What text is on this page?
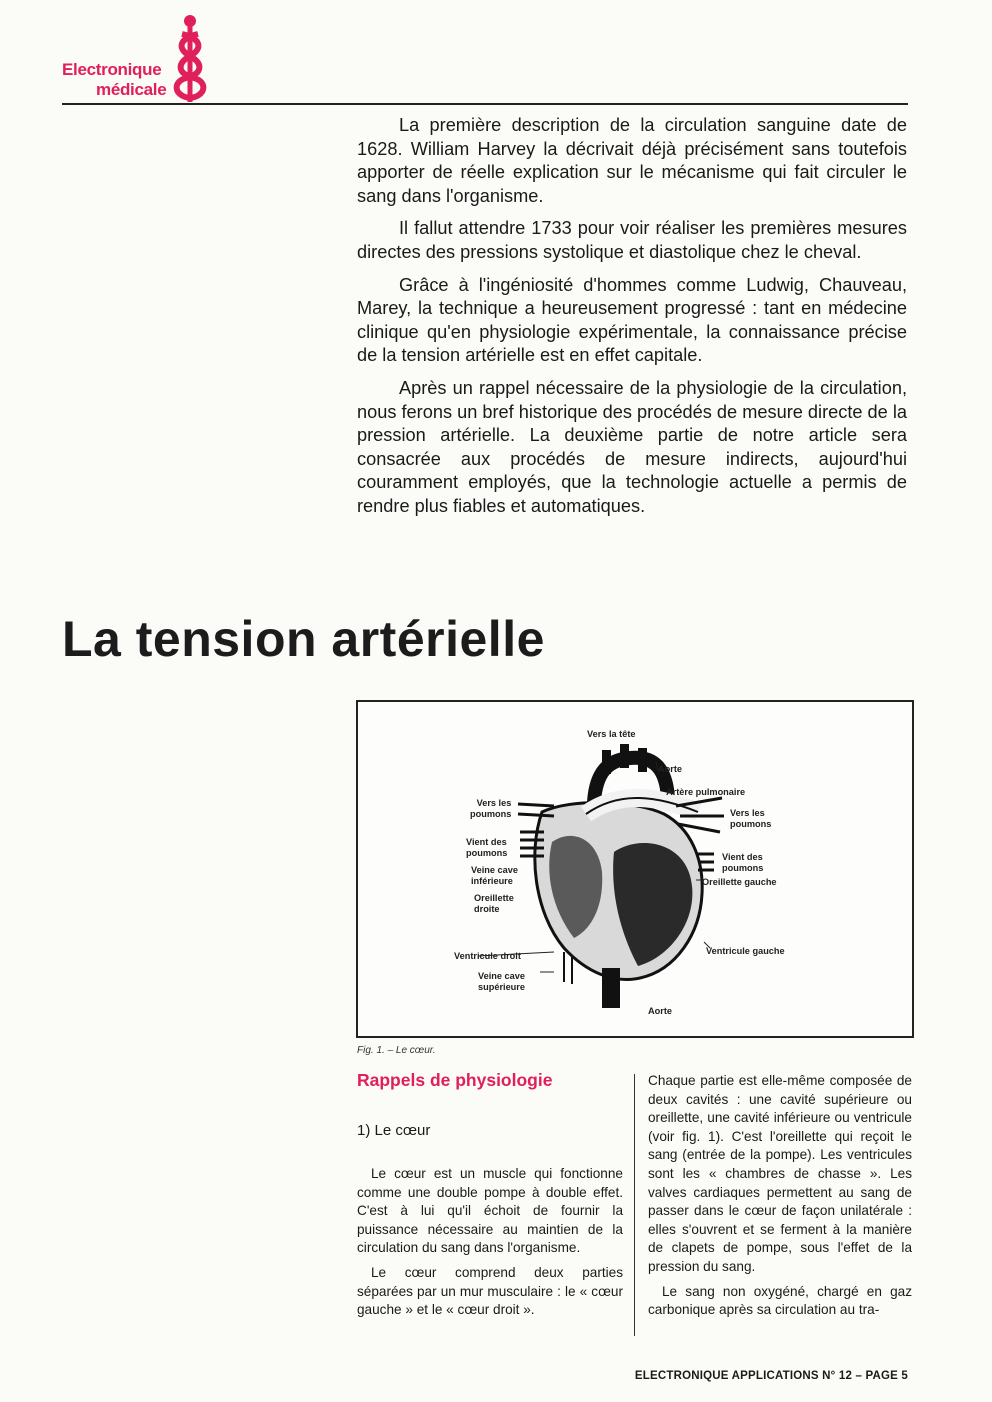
Electronique
médicale

La première description de la circulation sanguine date de 1628. William Harvey la décrivait déjà précisément sans toutefois apporter de réelle explication sur le mécanisme qui fait circuler le sang dans l'organisme.

Il fallut attendre 1733 pour voir réaliser les premières mesures directes des pressions systolique et diastolique chez le cheval.

Grâce à l'ingéniosité d'hommes comme Ludwig, Chauveau, Marey, la technique a heureusement progressé : tant en médecine clinique qu'en physiologie expérimentale, la connaissance précise de la tension artérielle est en effet capitale.

Après un rappel nécessaire de la physiologie de la circulation, nous ferons un bref historique des procédés de mesure directe de la pression artérielle. La deuxième partie de notre article sera consacrée aux procédés de mesure indirects, aujourd'hui couramment employés, que la technologie actuelle a permis de rendre plus fiables et automatiques.

La tension artérielle
Vers la tête
Aorte
Artère pulmonaire
Vers les
poumons
Vient des
poumons
Oreillette gauche
Ventricule gauche
Aorte
Vers les
poumons
Vient des
poumons
Veine cave
inférieure
Oreillette
droite
Ventricule droit
Veine cave
supérieure
Fig. 1. – Le cœur.
Rappels de physiologie
1) Le cœur

Le cœur est un muscle qui fonctionne comme une double pompe à double effet. C'est à lui qu'il échoit de fournir la puissance nécessaire au maintien de la circulation du sang dans l'organisme.

Le cœur comprend deux parties séparées par un mur musculaire : le « cœur gauche » et le « cœur droit ».

Chaque partie est elle-même composée de deux cavités : une cavité supérieure ou oreillette, une cavité inférieure ou ventricule (voir fig. 1). C'est l'oreillette qui reçoit le sang (entrée de la pompe). Les ventricules sont les « chambres de chasse ». Les valves cardiaques permettent au sang de passer dans le cœur de façon unilatérale : elles s'ouvrent et se ferment à la manière de clapets de pompe, sous l'effet de la pression du sang.

Le sang non oxygéné, chargé en gaz carbonique après sa circulation au tra-

ELECTRONIQUE APPLICATIONS N° 12 – PAGE 5
